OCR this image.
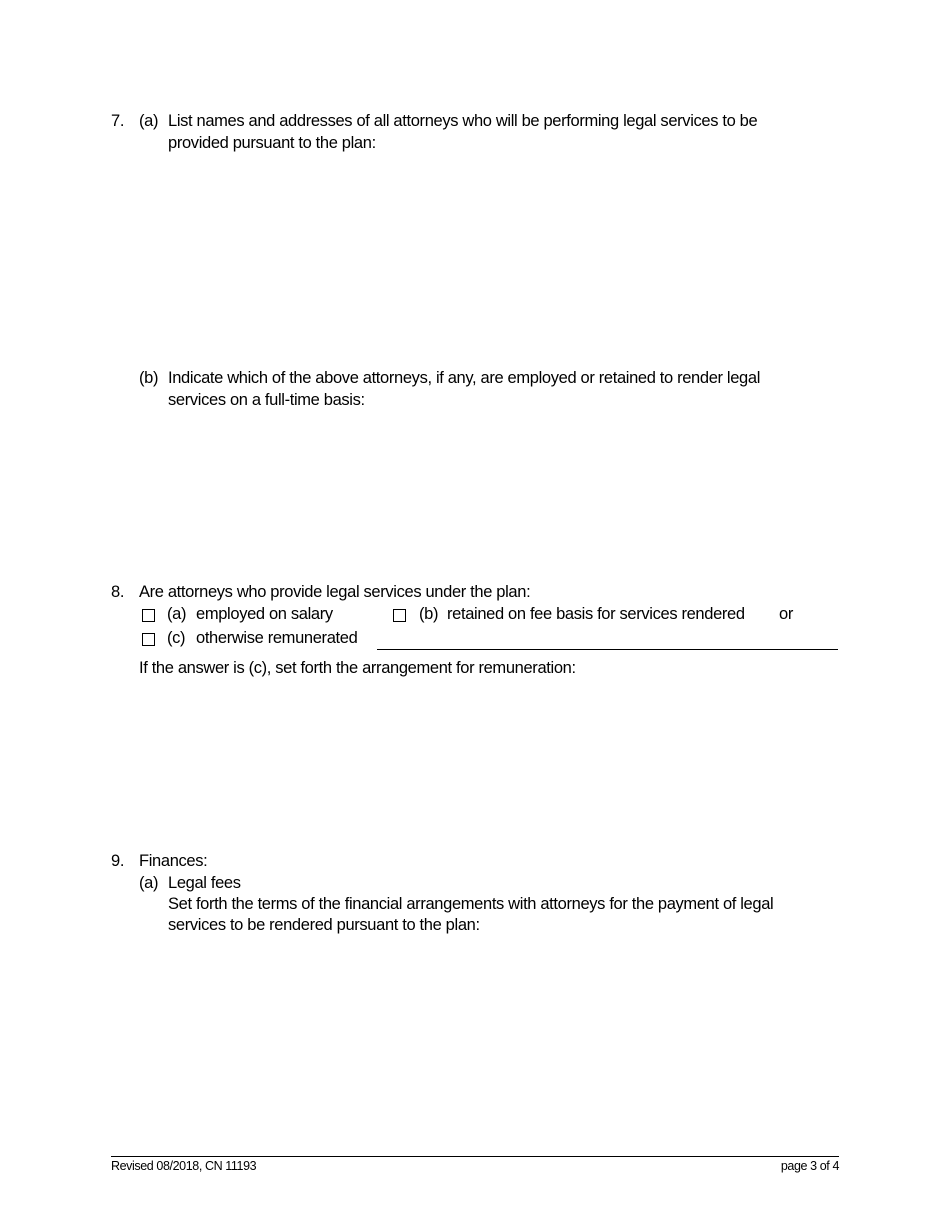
7. (a) List names and addresses of all attorneys who will be performing legal services to be
provided pursuant to the plan:
(b) Indicate which of the above attorneys, if any, are employed or retained to render legal
services on a full-time basis:
8. Are attorneys who provide legal services under the plan:
(a) employed on salary	(b) retained on fee basis for services rendered or
(c) otherwise remunerated
If the answer is (c), set forth the arrangement for remuneration:
9. Finances:
(a) Legal fees
Set forth the terms of the financial arrangements with attorneys for the payment of legal
services to be rendered pursuant to the plan:
Revised 08/2018, CN 11193	page 3 of 4
